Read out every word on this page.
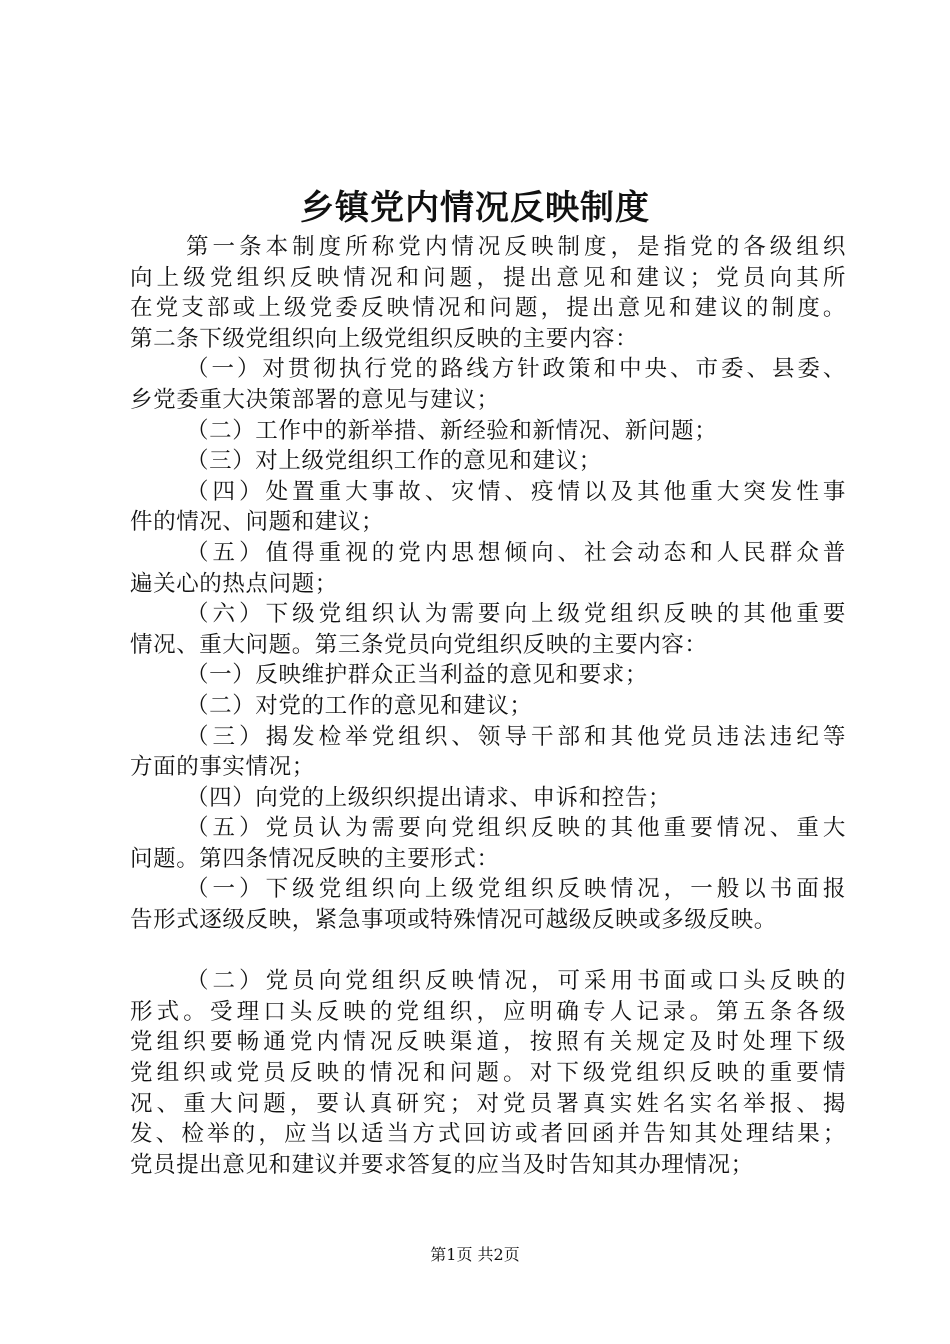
乡镇党内情况反映制度
第一条本制度所称党内情况反映制度，是指党的各级组织
向上级党组织反映情况和问题，提出意见和建议；党员向其所
在党支部或上级党委反映情况和问题，提出意见和建议的制度。
第二条下级党组织向上级党组织反映的主要内容：
（一）对贯彻执行党的路线方针政策和中央、市委、县委、
乡党委重大决策部署的意见与建议；
（二）工作中的新举措、新经验和新情况、新问题；
（三）对上级党组织工作的意见和建议；
（四）处置重大事故、灾情、疫情以及其他重大突发性事
件的情况、问题和建议；
（五）值得重视的党内思想倾向、社会动态和人民群众普
遍关心的热点问题；
（六）下级党组织认为需要向上级党组织反映的其他重要
情况、重大问题。第三条党员向党组织反映的主要内容：
（一）反映维护群众正当利益的意见和要求；
（二）对党的工作的意见和建议；
（三）揭发检举党组织、领导干部和其他党员违法违纪等
方面的事实情况；
（四）向党的上级织织提出请求、申诉和控告；
（五）党员认为需要向党组织反映的其他重要情况、重大
问题。第四条情况反映的主要形式：
（一）下级党组织向上级党组织反映情况，一般以书面报
告形式逐级反映，紧急事项或特殊情况可越级反映或多级反映。
（二）党员向党组织反映情况，可采用书面或口头反映的
形式。受理口头反映的党组织，应明确专人记录。第五条各级
党组织要畅通党内情况反映渠道，按照有关规定及时处理下级
党组织或党员反映的情况和问题。对下级党组织反映的重要情
况、重大问题，要认真研究；对党员署真实姓名实名举报、揭
发、检举的，应当以适当方式回访或者回函并告知其处理结果；
党员提出意见和建议并要求答复的应当及时告知其办理情况；
第1页 共2页
